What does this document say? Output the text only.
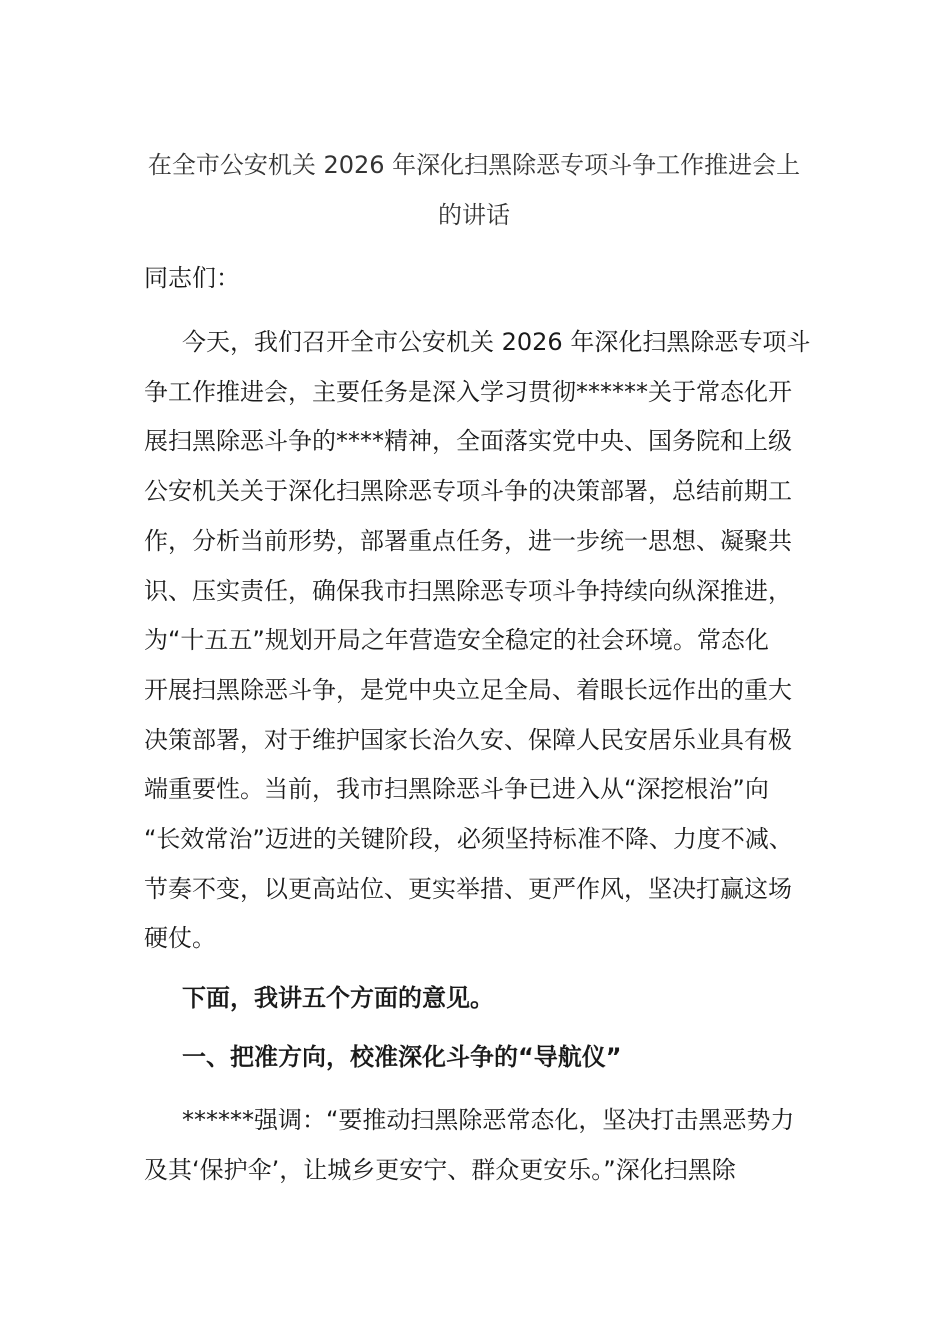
在全市公安机关 2026 年深化扫黑除恶专项斗争工作推进会上
的讲话

同志们：

今天，我们召开全市公安机关 2026 年深化扫黑除恶专项斗
争工作推进会，主要任务是深入学习贯彻******关于常态化开
展扫黑除恶斗争的****精神，全面落实党中央、国务院和上级
公安机关关于深化扫黑除恶专项斗争的决策部署，总结前期工
作，分析当前形势，部署重点任务，进一步统一思想、凝聚共
识、压实责任，确保我市扫黑除恶专项斗争持续向纵深推进，
为“十五五”规划开局之年营造安全稳定的社会环境。常态化
开展扫黑除恶斗争，是党中央立足全局、着眼长远作出的重大
决策部署，对于维护国家长治久安、保障人民安居乐业具有极
端重要性。当前，我市扫黑除恶斗争已进入从“深挖根治”向
“长效常治”迈进的关键阶段，必须坚持标准不降、力度不减、
节奏不变，以更高站位、更实举措、更严作风，坚决打赢这场
硬仗。

下面，我讲五个方面的意见。

一、把准方向，校准深化斗争的“导航仪”

******强调：“要推动扫黑除恶常态化，坚决打击黑恶势力
及其‘保护伞’，让城乡更安宁、群众更安乐。”深化扫黑除
